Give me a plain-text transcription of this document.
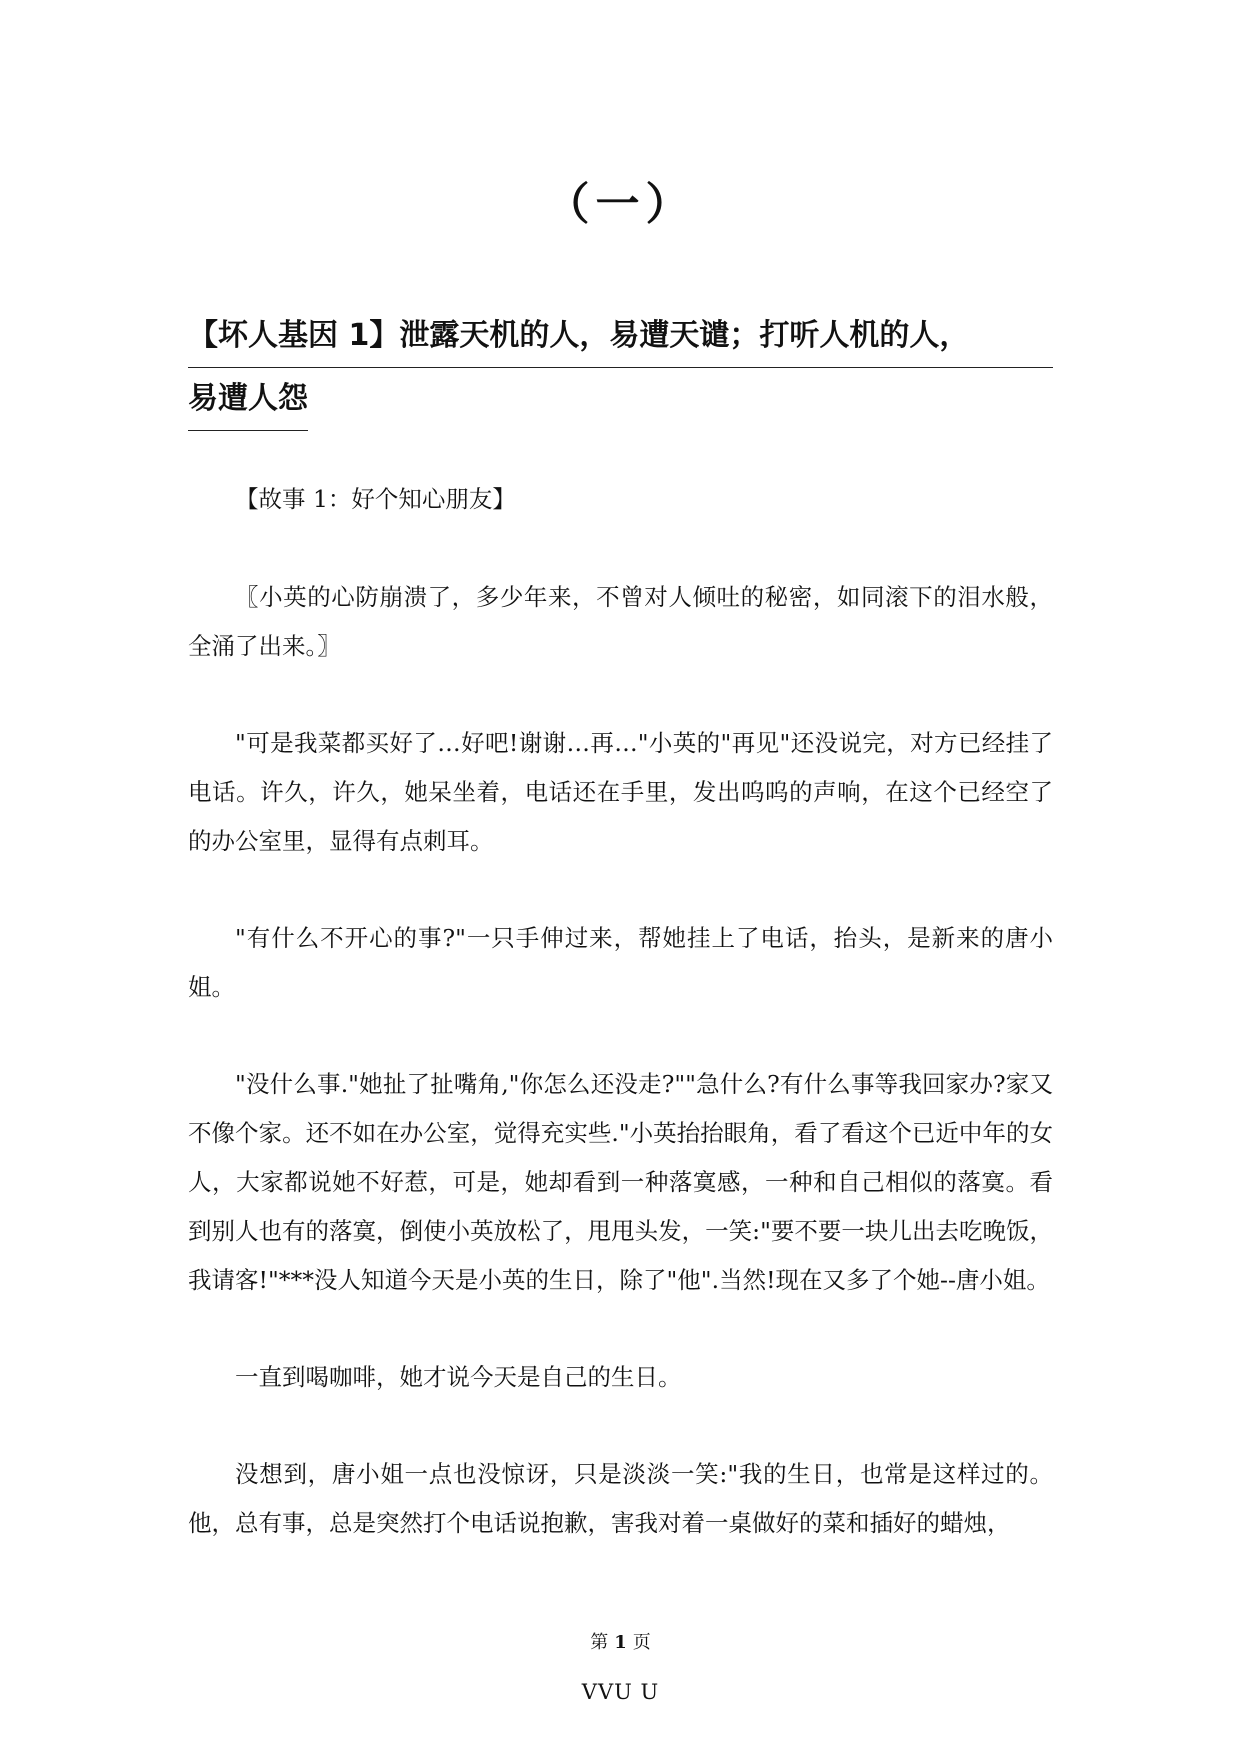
（一）
【坏人基因 1】泄露天机的人，易遭天谴；打听人机的人，
易遭人怨

【故事 1：好个知心朋友】

〖小英的心防崩溃了，多少年来，不曾对人倾吐的秘密，如同滚下的泪水般，全涌了出来。〗

"可是我菜都买好了…好吧!谢谢…再…"小英的"再见"还没说完，对方已经挂了电话。许久，许久，她呆坐着，电话还在手里，发出呜呜的声响，在这个已经空了的办公室里，显得有点刺耳。

"有什么不开心的事?"一只手伸过来，帮她挂上了电话，抬头，是新来的唐小姐。

"没什么事."她扯了扯嘴角,"你怎么还没走?""急什么?有什么事等我回家办?家又不像个家。还不如在办公室，觉得充实些."小英抬抬眼角，看了看这个已近中年的女人，大家都说她不好惹，可是，她却看到一种落寞感，一种和自己相似的落寞。看到别人也有的落寞，倒使小英放松了，甩甩头发，一笑:"要不要一块儿出去吃晚饭，我请客!"***没人知道今天是小英的生日，除了"他".当然!现在又多了个她--唐小姐。

一直到喝咖啡，她才说今天是自己的生日。

没想到，唐小姐一点也没惊讶，只是淡淡一笑:"我的生日，也常是这样过的。他，总有事，总是突然打个电话说抱歉，害我对着一桌做好的菜和插好的蜡烛，

第 1 页
VVU U
